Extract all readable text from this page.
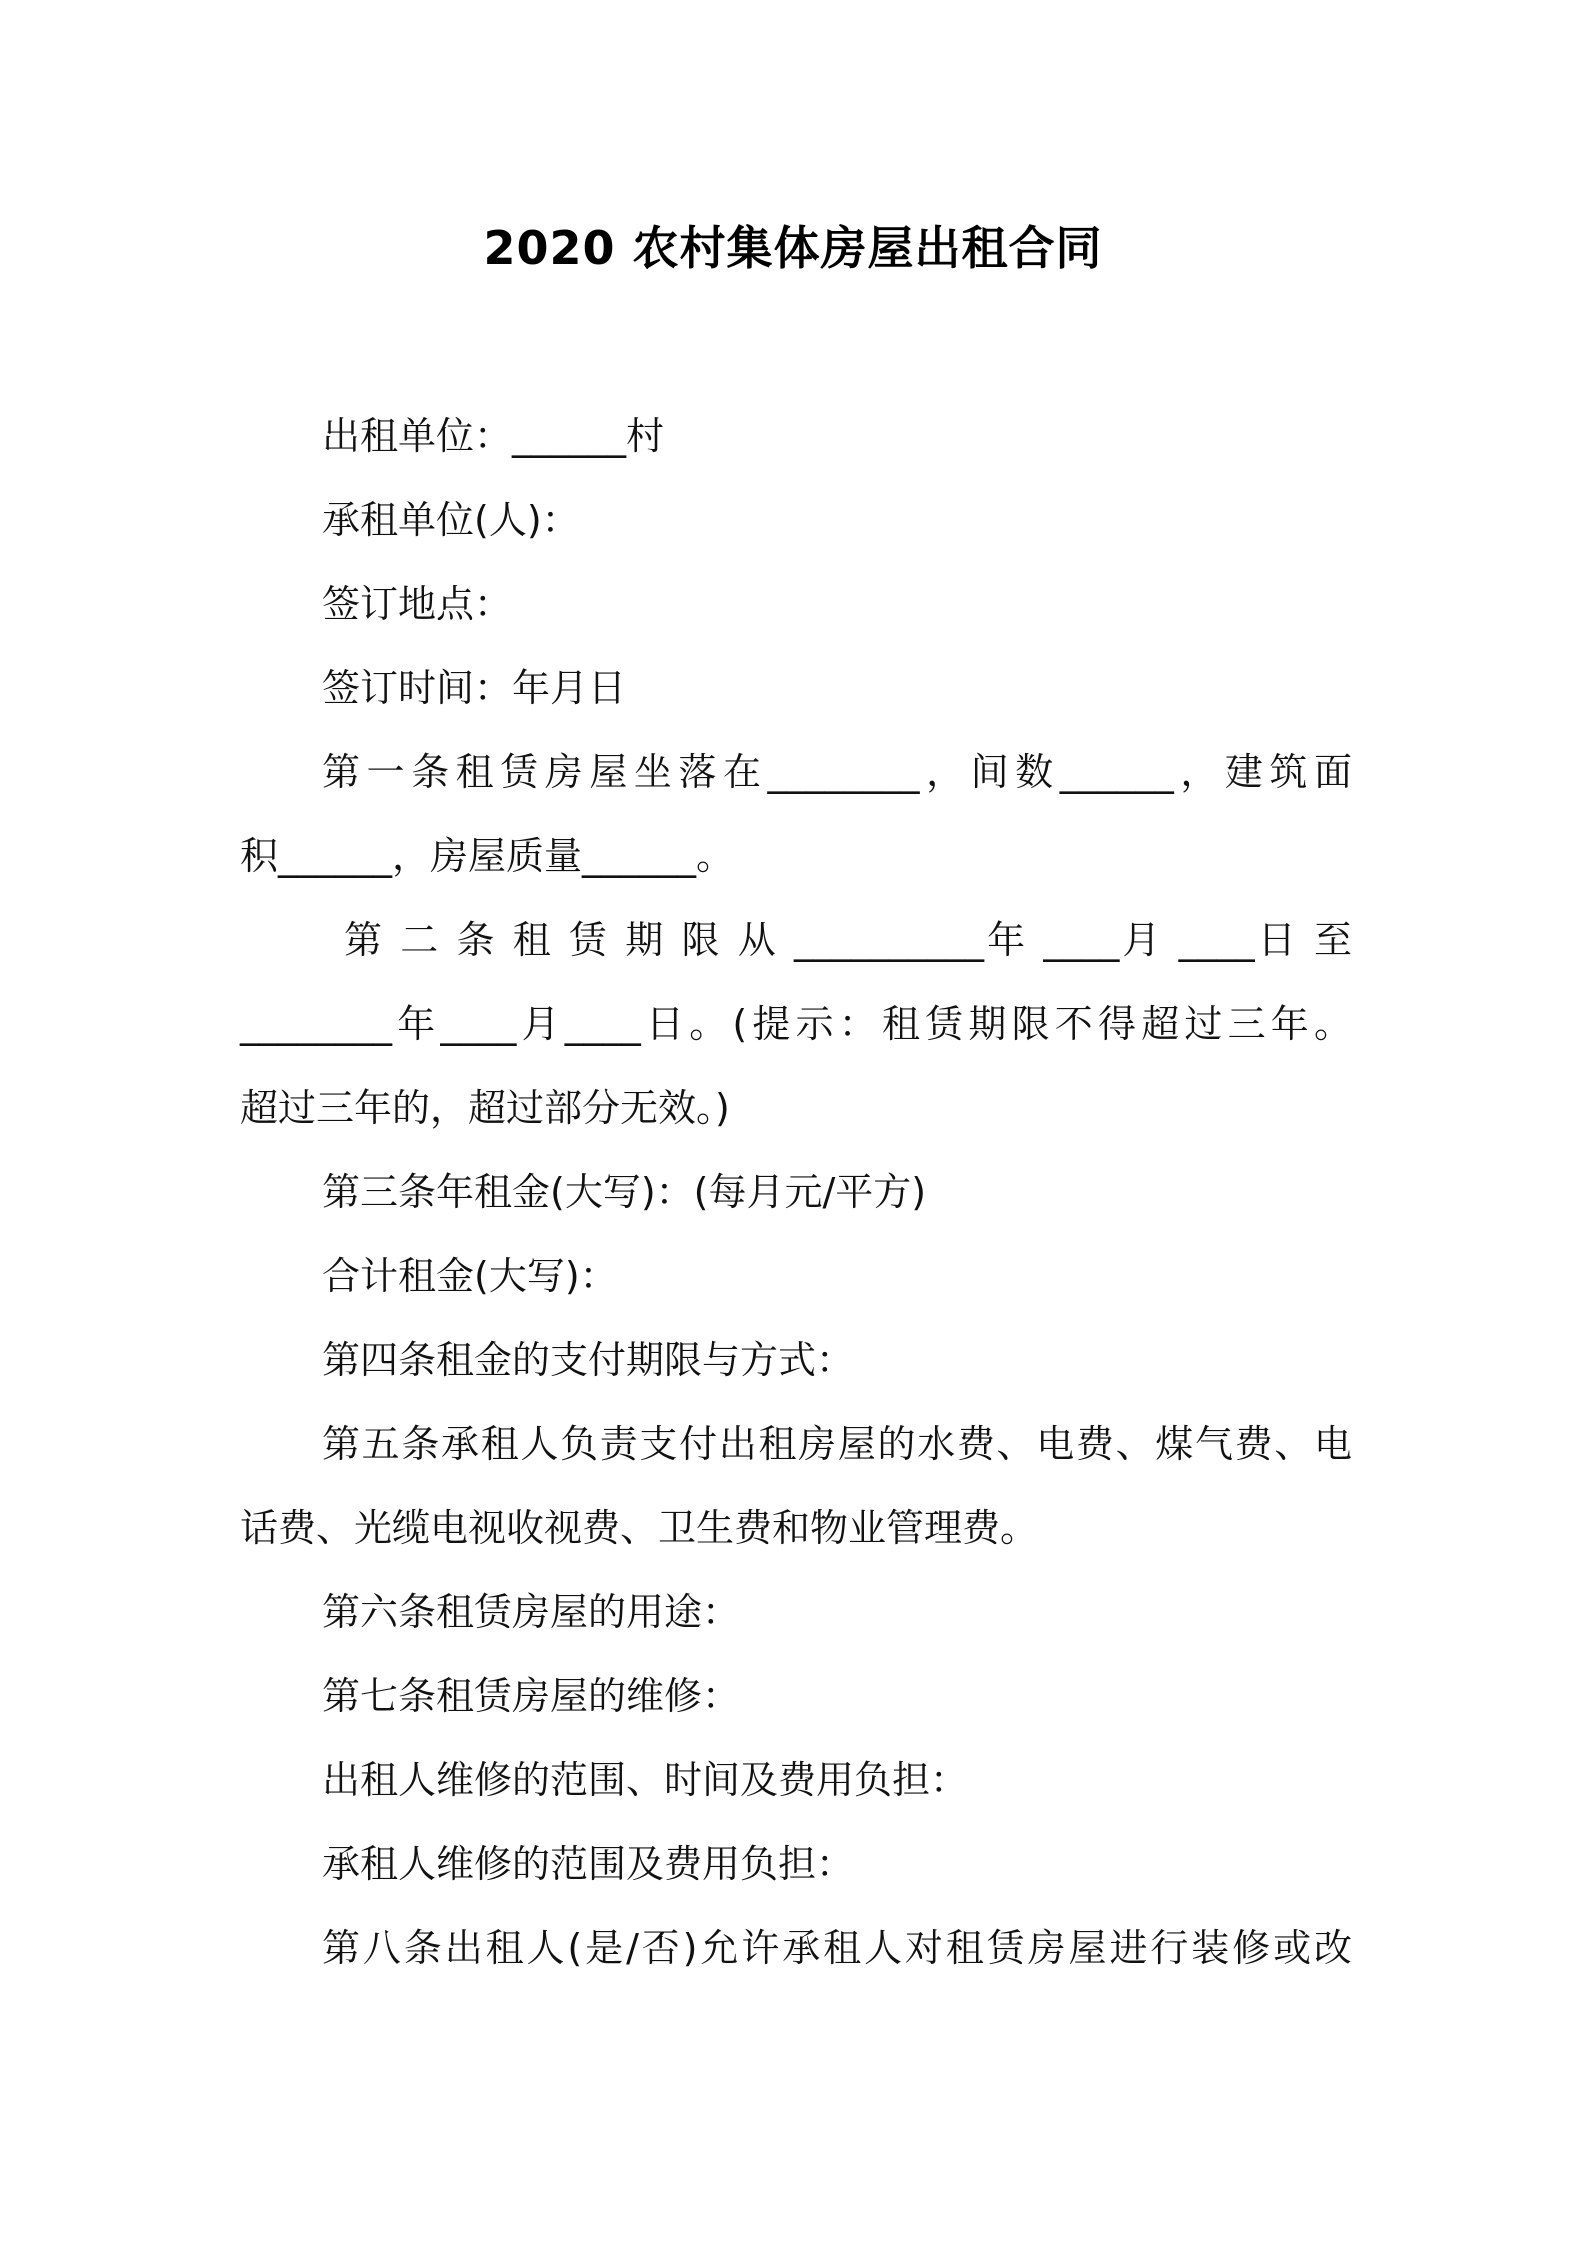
2020 农村集体房屋出租合同
出租单位：______村
承租单位(人)：
签订地点：
签订时间：年月日
第一条租赁房屋坐落在________，间数______，建筑面
积______，房屋质量______。
第 二 条 租 赁 期 限 从 __________年 ____月 ____日 至
________年____月____日。(提示：租赁期限不得超过三年。
超过三年的，超过部分无效。)
第三条年租金(大写)：(每月元/平方)
合计租金(大写)：
第四条租金的支付期限与方式：
第五条承租人负责支付出租房屋的水费、电费、煤气费、电
话费、光缆电视收视费、卫生费和物业管理费。
第六条租赁房屋的用途：
第七条租赁房屋的维修：
出租人维修的范围、时间及费用负担：
承租人维修的范围及费用负担：
第八条出租人(是/否)允许承租人对租赁房屋进行装修或改
